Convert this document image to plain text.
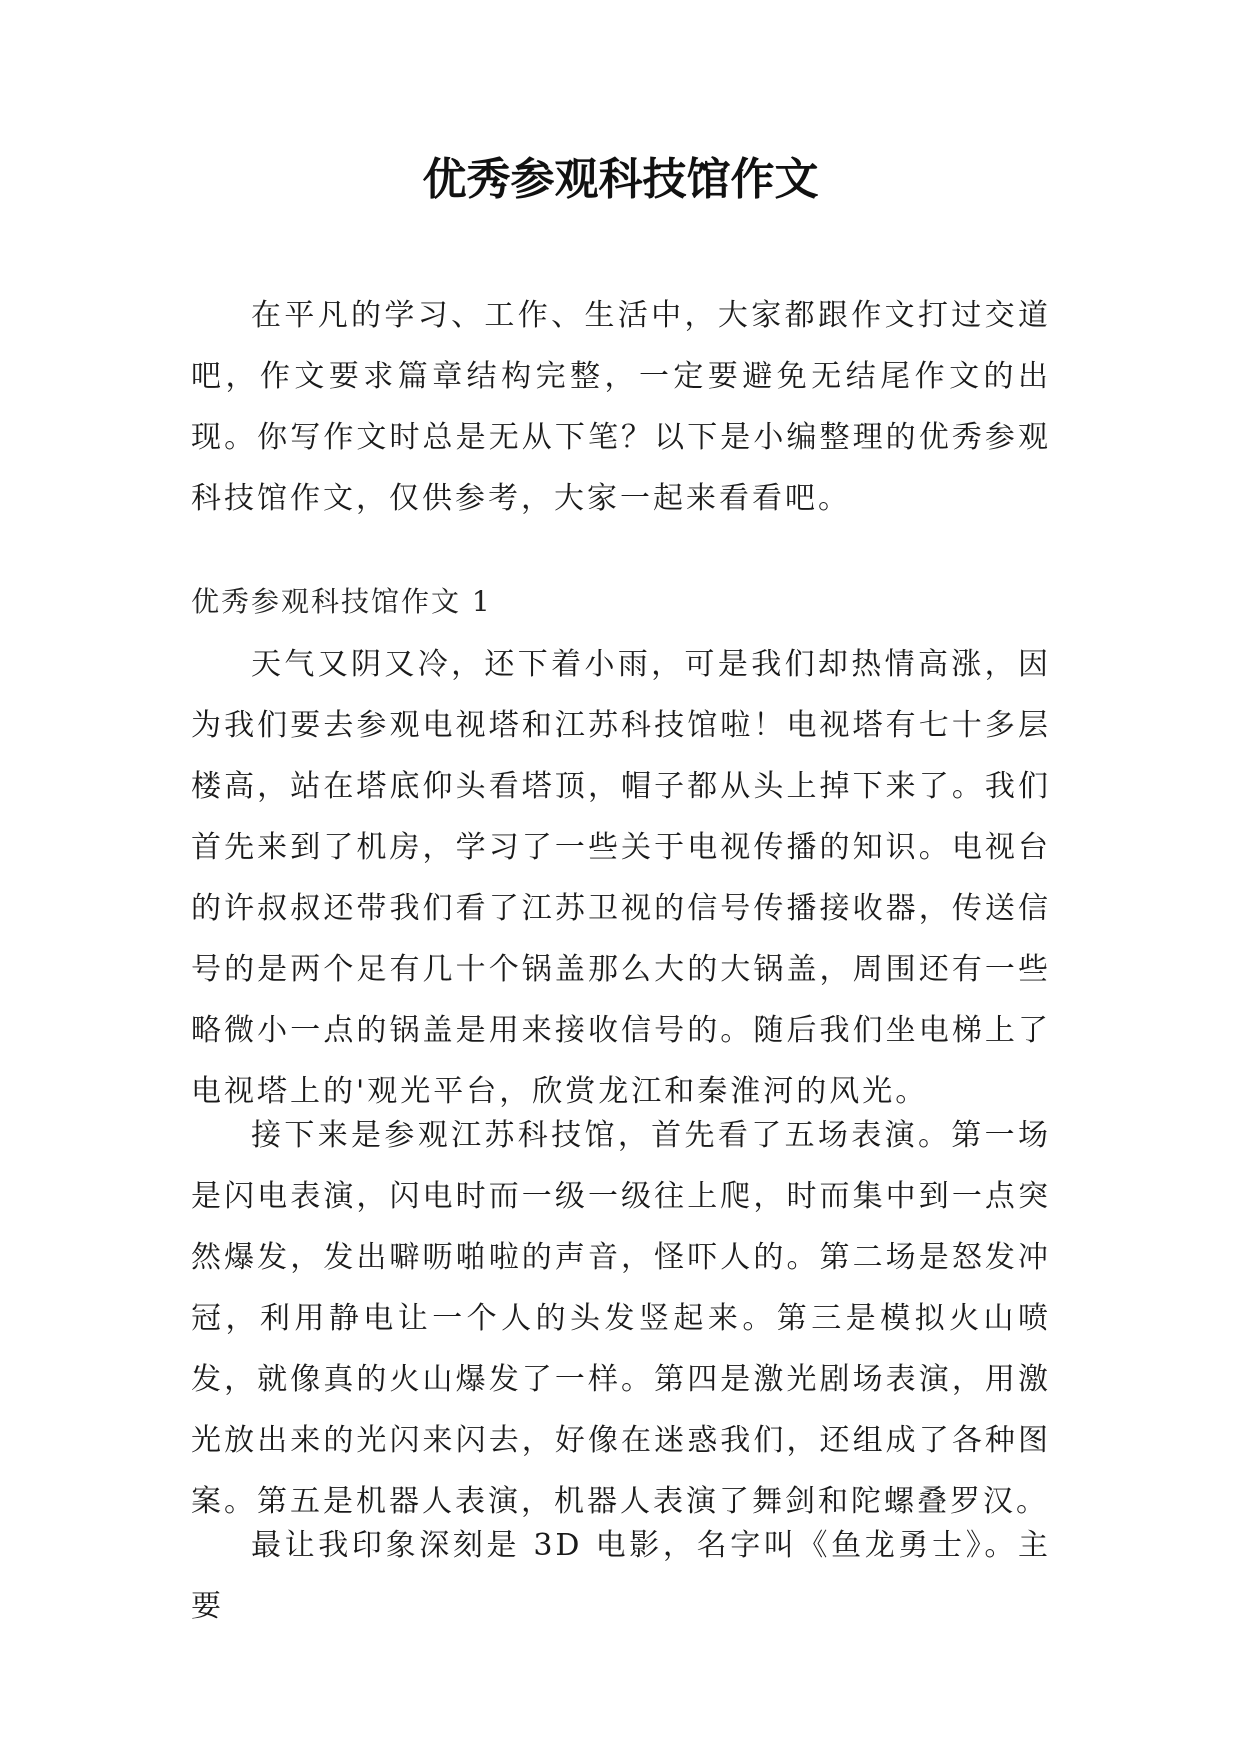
优秀参观科技馆作文

在平凡的学习、工作、生活中，大家都跟作文打过交道吧，作文要求篇章结构完整，一定要避免无结尾作文的出现。你写作文时总是无从下笔？以下是小编整理的优秀参观科技馆作文，仅供参考，大家一起来看看吧。

优秀参观科技馆作文 1

天气又阴又冷，还下着小雨，可是我们却热情高涨，因为我们要去参观电视塔和江苏科技馆啦！电视塔有七十多层楼高，站在塔底仰头看塔顶，帽子都从头上掉下来了。我们首先来到了机房，学习了一些关于电视传播的知识。电视台的许叔叔还带我们看了江苏卫视的信号传播接收器，传送信号的是两个足有几十个锅盖那么大的大锅盖，周围还有一些略微小一点的锅盖是用来接收信号的。随后我们坐电梯上了电视塔上的'观光平台，欣赏龙江和秦淮河的风光。

接下来是参观江苏科技馆，首先看了五场表演。第一场是闪电表演，闪电时而一级一级往上爬，时而集中到一点突然爆发，发出噼呖啪啦的声音，怪吓人的。第二场是怒发冲冠，利用静电让一个人的头发竖起来。第三是模拟火山喷发，就像真的火山爆发了一样。第四是激光剧场表演，用激光放出来的光闪来闪去，好像在迷惑我们，还组成了各种图案。第五是机器人表演，机器人表演了舞剑和陀螺叠罗汉。

最让我印象深刻是 3D 电影，名字叫《鱼龙勇士》。主要
